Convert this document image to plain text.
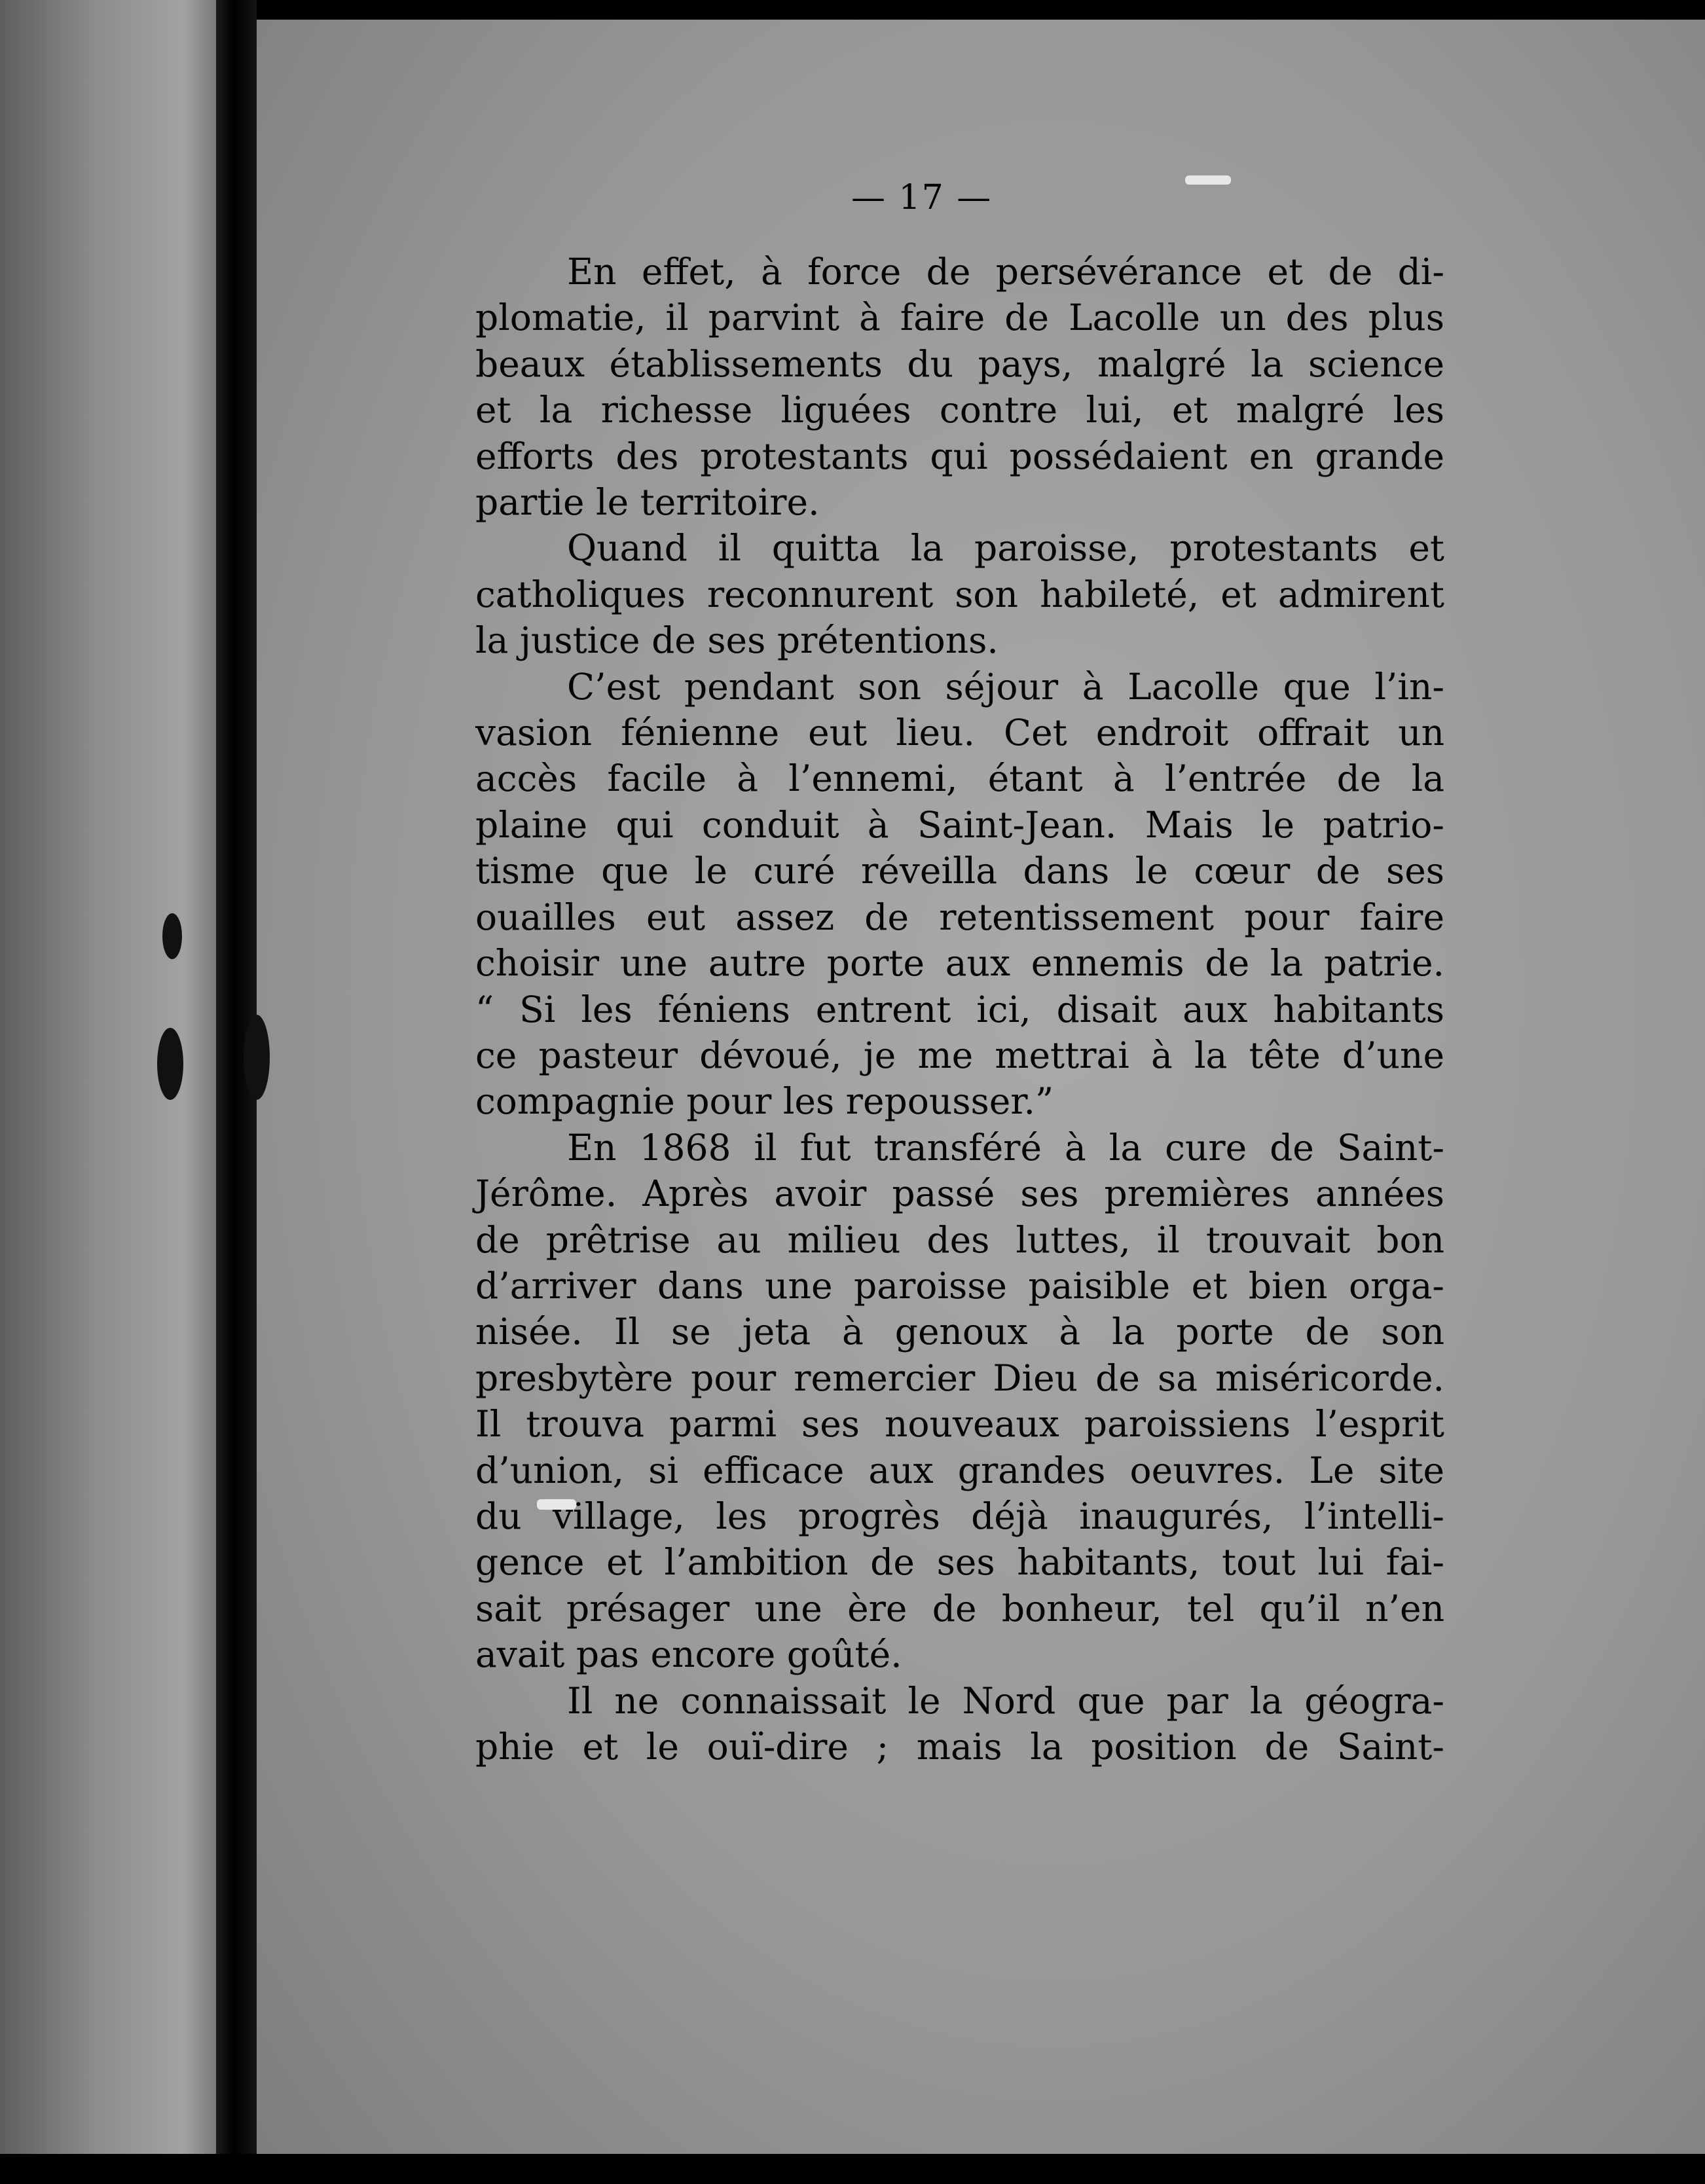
— 17 —
En effet, à force de persévérance et de di-
plomatie, il parvint à faire de Lacolle un des plus
beaux établissements du pays, malgré la science
et la richesse liguées contre lui, et malgré les
efforts des protestants qui possédaient en grande
partie le territoire.
Quand il quitta la paroisse, protestants et
catholiques reconnurent son habileté, et admirent
la justice de ses prétentions.
C’est pendant son séjour à Lacolle que l’in-
vasion fénienne eut lieu. Cet endroit offrait un
accès facile à l’ennemi, étant à l’entrée de la
plaine qui conduit à Saint-Jean. Mais le patrio-
tisme que le curé réveilla dans le cœur de ses
ouailles eut assez de retentissement pour faire
choisir une autre porte aux ennemis de la patrie.
“ Si les féniens entrent ici, disait aux habitants
ce pasteur dévoué, je me mettrai à la tête d’une
compagnie pour les repousser.”
En 1868 il fut transféré à la cure de Saint-
Jérôme. Après avoir passé ses premières années
de prêtrise au milieu des luttes, il trouvait bon
d’arriver dans une paroisse paisible et bien orga-
nisée. Il se jeta à genoux à la porte de son
presbytère pour remercier Dieu de sa miséricorde.
Il trouva parmi ses nouveaux paroissiens l’esprit
d’union, si efficace aux grandes oeuvres. Le site
du village, les progrès déjà inaugurés, l’intelli-
gence et l’ambition de ses habitants, tout lui fai-
sait présager une ère de bonheur, tel qu’il n’en
avait pas encore goûté.
Il ne connaissait le Nord que par la géogra-
phie et le ouï-dire ; mais la position de Saint-
